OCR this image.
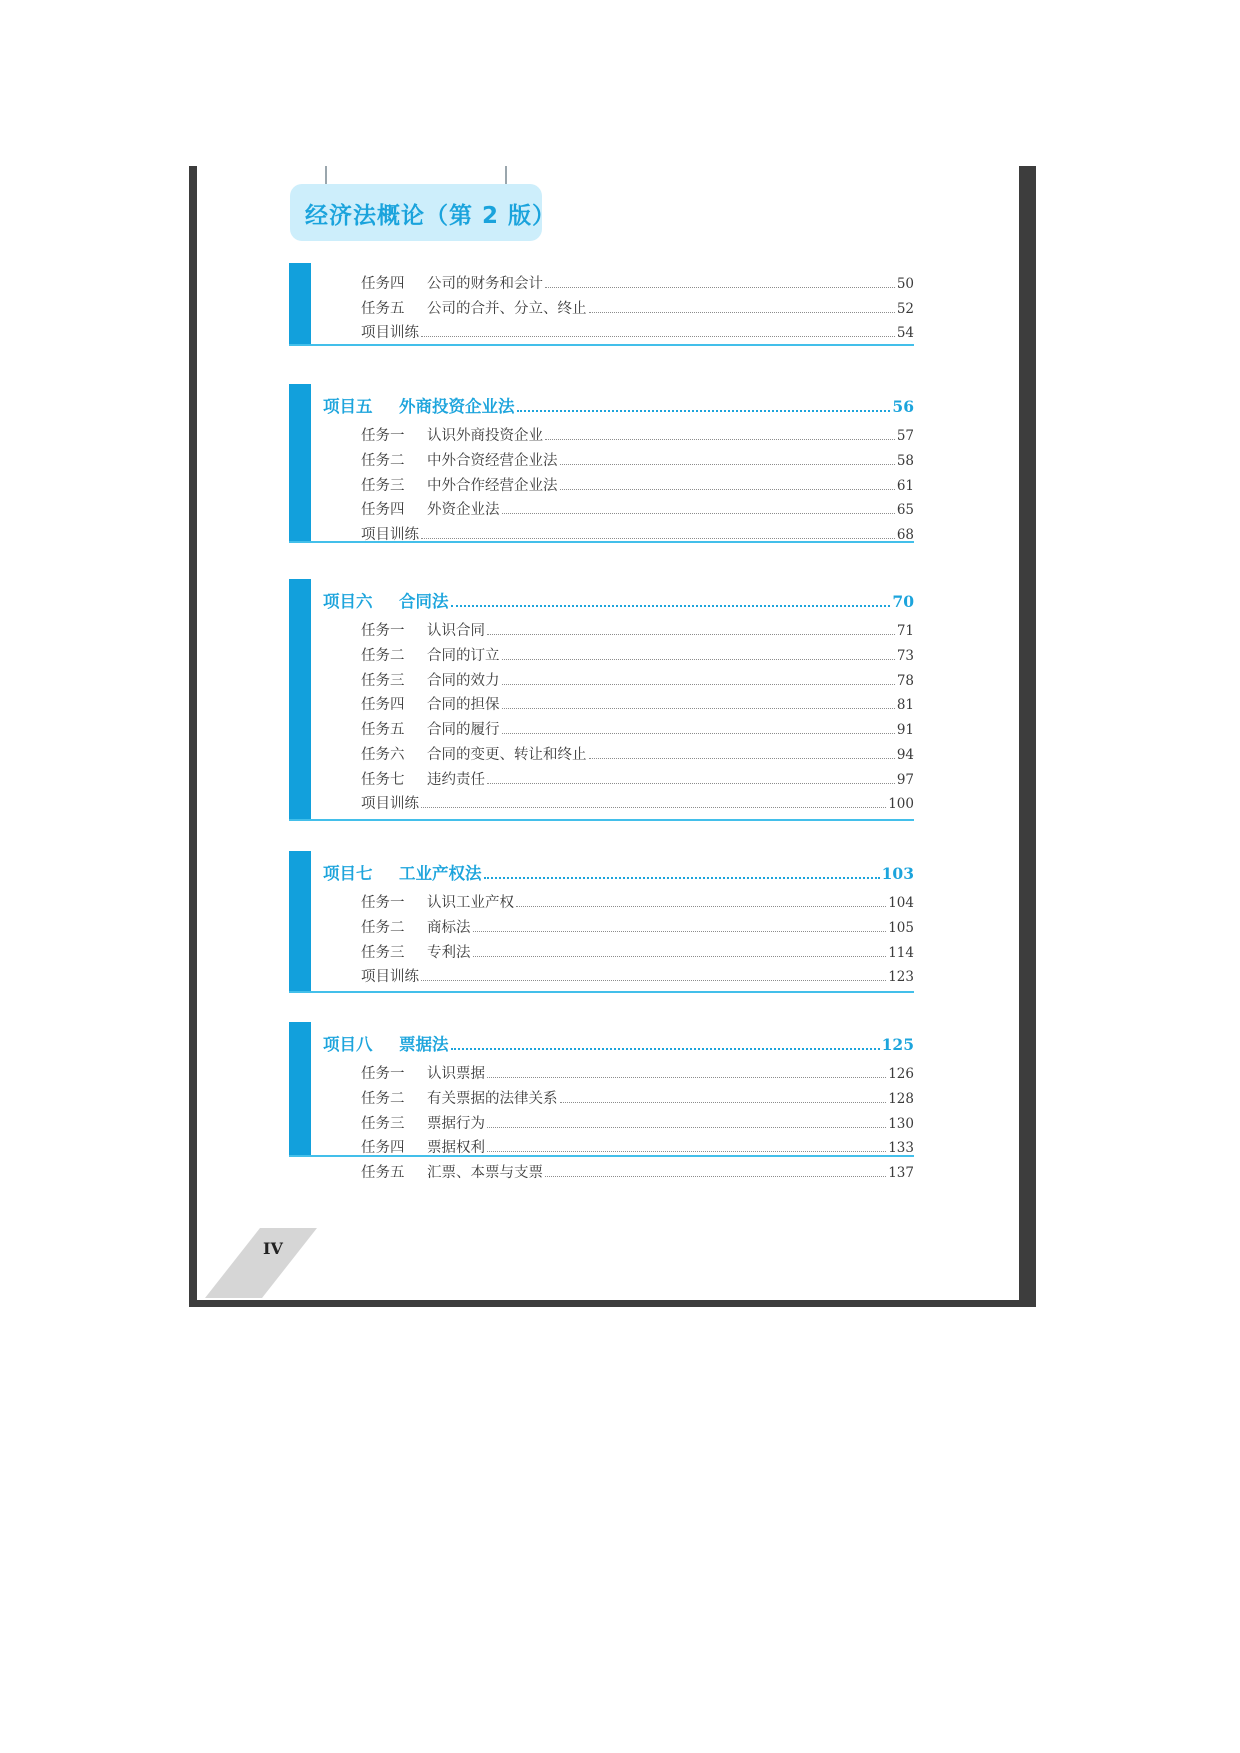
经济法概论（第 2 版）
任务四	公司的财务和会计	50
任务五	公司的合并、分立、终止	52
项目训练	54
项目五	外商投资企业法	56
任务一	认识外商投资企业	57
任务二	中外合资经营企业法	58
任务三	中外合作经营企业法	61
任务四	外资企业法	65
项目训练	68
项目六	合同法	70
任务一	认识合同	71
任务二	合同的订立	73
任务三	合同的效力	78
任务四	合同的担保	81
任务五	合同的履行	91
任务六	合同的变更、转让和终止	94
任务七	违约责任	97
项目训练	100
项目七	工业产权法	103
任务一	认识工业产权	104
任务二	商标法	105
任务三	专利法	114
项目训练	123
项目八	票据法	125
任务一	认识票据	126
任务二	有关票据的法律关系	128
任务三	票据行为	130
任务四	票据权利	133
任务五	汇票、本票与支票	137
IV
